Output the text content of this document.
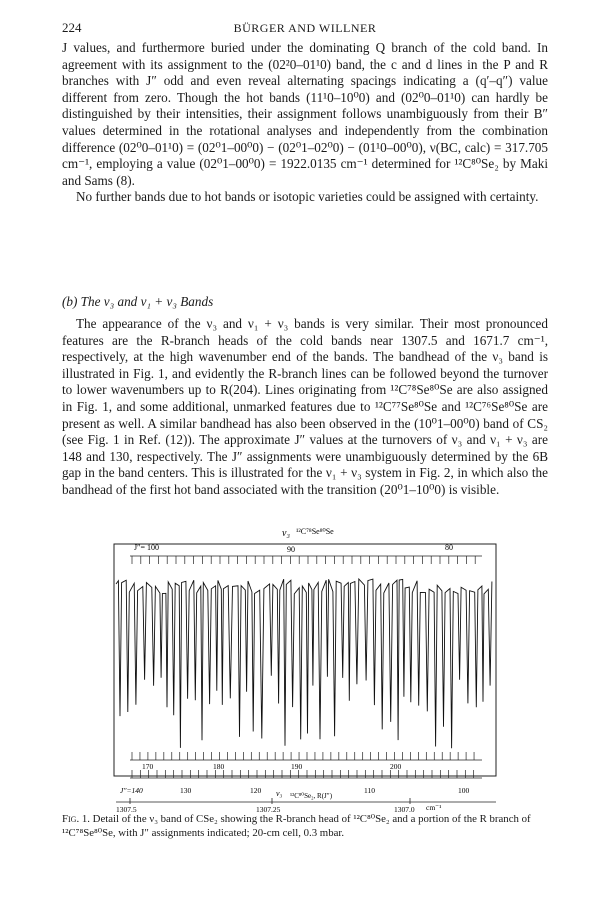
224	BÜRGER AND WILLNER

J values, and furthermore buried under the dominating Q branch of the cold band. In agreement with its assignment to the (02²0–01¹0) band, the c and d lines in the P and R branches with J″ odd and even reveal alternating spacings indicating a (q′–q″) value different from zero. Though the hot bands (11¹0–10⁰0) and (02⁰0–01¹0) can hardly be distinguished by their intensities, their assignment follows unambiguously from their B″ values determined in the rotational analyses and independently from the combination difference (02⁰0–01¹0) = (02⁰1–00⁰0) − (02⁰1–02⁰0) − (01¹0–00⁰0), ν(BC, calc) = 317.705 cm⁻¹, employing a value (02⁰1–00⁰0) = 1922.0135 cm⁻¹ determined for ¹²C⁸⁰Se₂ by Maki and Sams (8).

No further bands due to hot bands or isotopic varieties could be assigned with certainty.

(b) The ν₃ and ν₁ + ν₃ Bands

The appearance of the ν₃ and ν₁ + ν₃ bands is very similar. Their most pronounced features are the R-branch heads of the cold bands near 1307.5 and 1671.7 cm⁻¹, respectively, at the high wavenumber end of the bands. The bandhead of the ν₃ band is illustrated in Fig. 1, and evidently the R-branch lines can be followed beyond the turnover to lower wavenumbers up to R(204). Lines originating from ¹²C⁷⁸Se⁸⁰Se are also assigned in Fig. 1, and some additional, unmarked features due to ¹²C⁷⁷Se⁸⁰Se and ¹²C⁷⁶Se⁸⁰Se are present as well. A similar bandhead has also been observed in the (10⁰1–00⁰0) band of CS₂ (see Fig. 1 in Ref. (12)). The approximate J″ values at the turnovers of ν₃ and ν₁ + ν₃ are 148 and 130, respectively. The J″ assignments were unambiguously determined by the 6B gap in the band centers. This is illustrated for the ν₁ + ν₃ system in Fig. 2, in which also the bandhead of the first hot band associated with the transition (20⁰1–10⁰0) is visible.

ν₃ ¹²C⁷⁸Se⁸⁰Se
J″= 100	90	80
170	180	190	200
J″=140	130	120	110	100
ν₃ ¹²C⁸⁰Se₂, R(J″)
1307.5	1307.25	1307.0 cm⁻¹
Fig. 1. Detail of the ν₃ band of CSe₂ showing the R-branch head of ¹²C⁸⁰Se₂ and a portion of the R branch of ¹²C⁷⁸Se⁸⁰Se, with J″ assignments indicated; 20-cm cell, 0.3 mbar.
